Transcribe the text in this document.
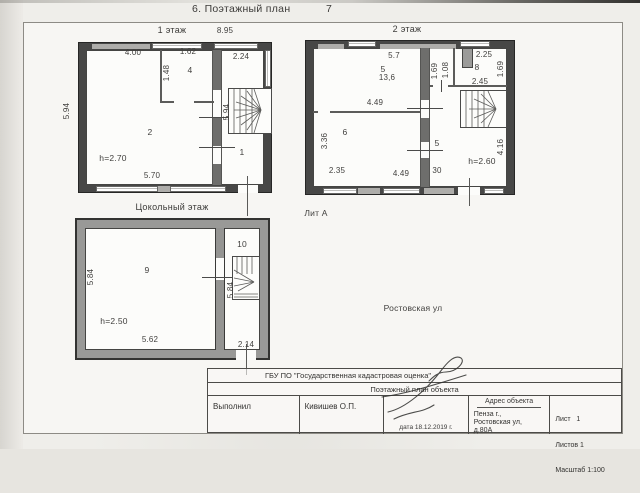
6. Поэтажный план	7
1 этаж	8.95
4.00	1.62
2.24
1.48	4
5.94	5.94
2
h=2.70
5.70
1
2 этаж
5.7
5
13,6
2.25
8
1.69 1.08
2.45
1.69
4.49
6
3.36
2.35	4.49
5
30
h=2.60
4.16
Цокольный этаж
9
10
5.84
5.84
h=2.50
5.62
2.14
Лит А
Ростовская ул
ГБУ ПО "Государственная кадастровая оценка"
Поэтажный план объекта
Выполнил	Кивишев О.П.
дата 18.12.2019 г.
Адрес объекта
Пенза г.,
Ростовская ул,
д.80А

Лист   1

Листов 1

Масштаб 1:100
